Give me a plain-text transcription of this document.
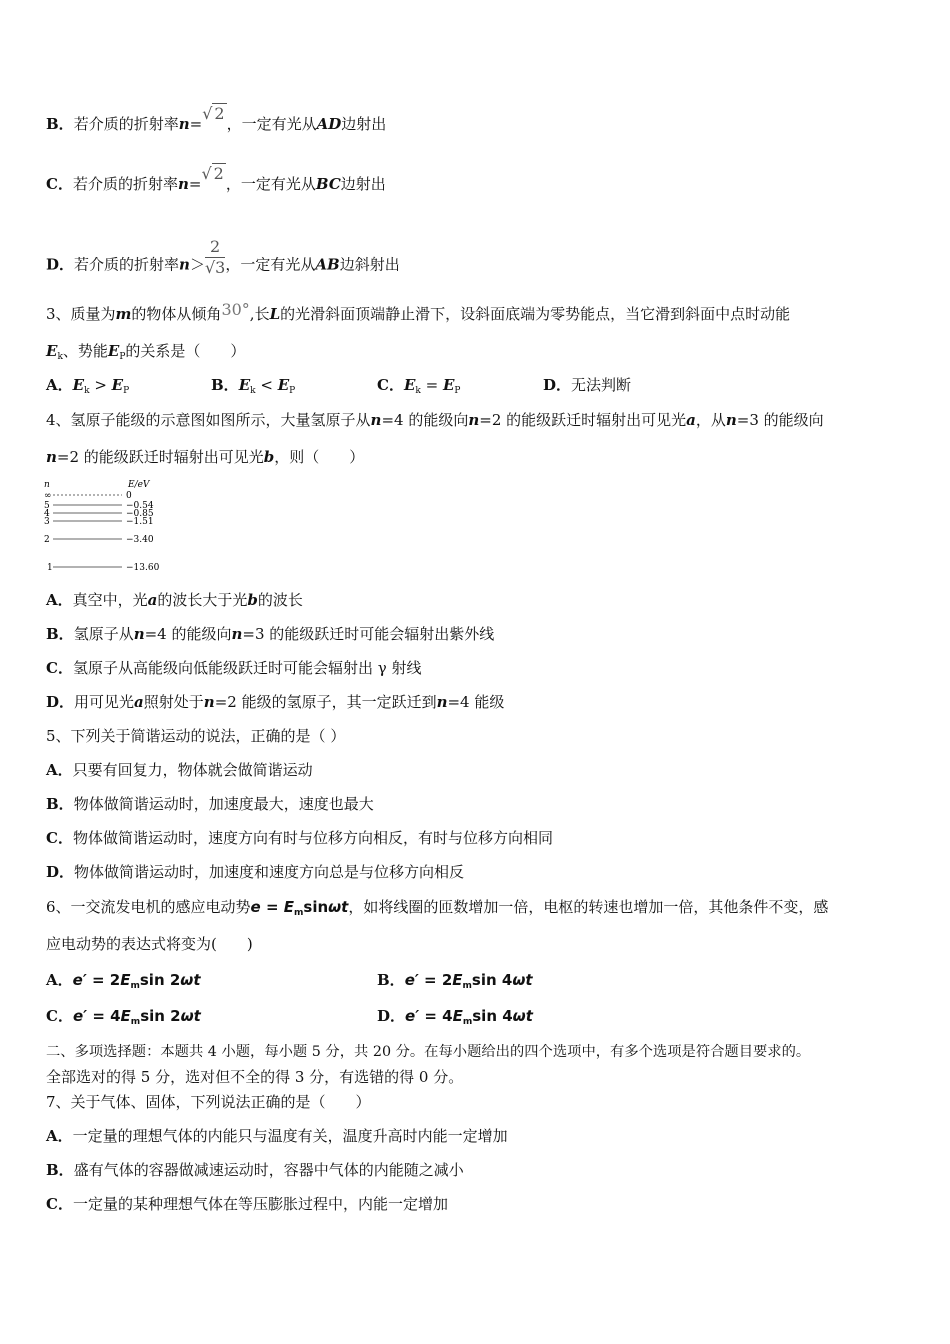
B．若介质的折射率n=√ 2，一定有光从AD边射出
C．若介质的折射率n=√ 2，一定有光从BC边射出
D．若介质的折射率$n> \frac{2}{√3}$ ，一定有光从AB边斜射出
3、质量为m的物体从倾角30°,长L的光滑斜面顶端静止滑下，设斜面底端为零势能点，当它滑到斜面中点时动能
$E_k$、势能$E_P$的关系是（　　）
A．$E_k > E_P$	B．$E_k < E_P$	C．$E_k = E_P$	D．无法判断
4、氢原子能级的示意图如图所示，大量氢原子从n=4 的能级向n=2 的能级跃迁时辐射出可见光a，从n=3 的能级向
n=2 的能级跃迁时辐射出可见光b，则（　　）
n	E/eV
∞	0
5	−0.54
4	−0.85
3	−1.51
2	−3.40
1	−13.60
A．真空中，光a的波长大于光b的波长
B．氢原子从n=4 的能级向n=3 的能级跃迁时可能会辐射出紫外线
C．氢原子从高能级向低能级跃迁时可能会辐射出 γ 射线
D．用可见光a照射处于n=2 能级的氢原子，其一定跃迁到n=4 能级
5、下列关于简谐运动的说法，正确的是（ ）
A．只要有回复力，物体就会做简谐运动
B．物体做简谐运动时，加速度最大，速度也最大
C．物体做简谐运动时，速度方向有时与位移方向相反，有时与位移方向相同
D．物体做简谐运动时，加速度和速度方向总是与位移方向相反
6、一交流发电机的感应电动势$e = E_m\sin\omega t$，如将线圈的匝数增加一倍，电枢的转速也增加一倍，其他条件不变，感
应电动势的表达式将变为(　　)
A．$e' = 2E_m\sin$ 2ωt	B．$e' = 2E_m\sin$ 4ωt
C．$e' = 4E_m\sin$ 2ωt	D．$e' = 4E_m\sin$ 4ωt
二、多项选择题：本题共 4 小题，每小题 5 分，共 20 分。在每小题给出的四个选项中，有多个选项是符合题目要求的。
全部选对的得 5 分，选对但不全的得 3 分，有选错的得 0 分。
7、关于气体、固体，下列说法正确的是（　　）
A．一定量的理想气体的内能只与温度有关，温度升高时内能一定增加
B．盛有气体的容器做减速运动时，容器中气体的内能随之减小
C．一定量的某种理想气体在等压膨胀过程中，内能一定增加
